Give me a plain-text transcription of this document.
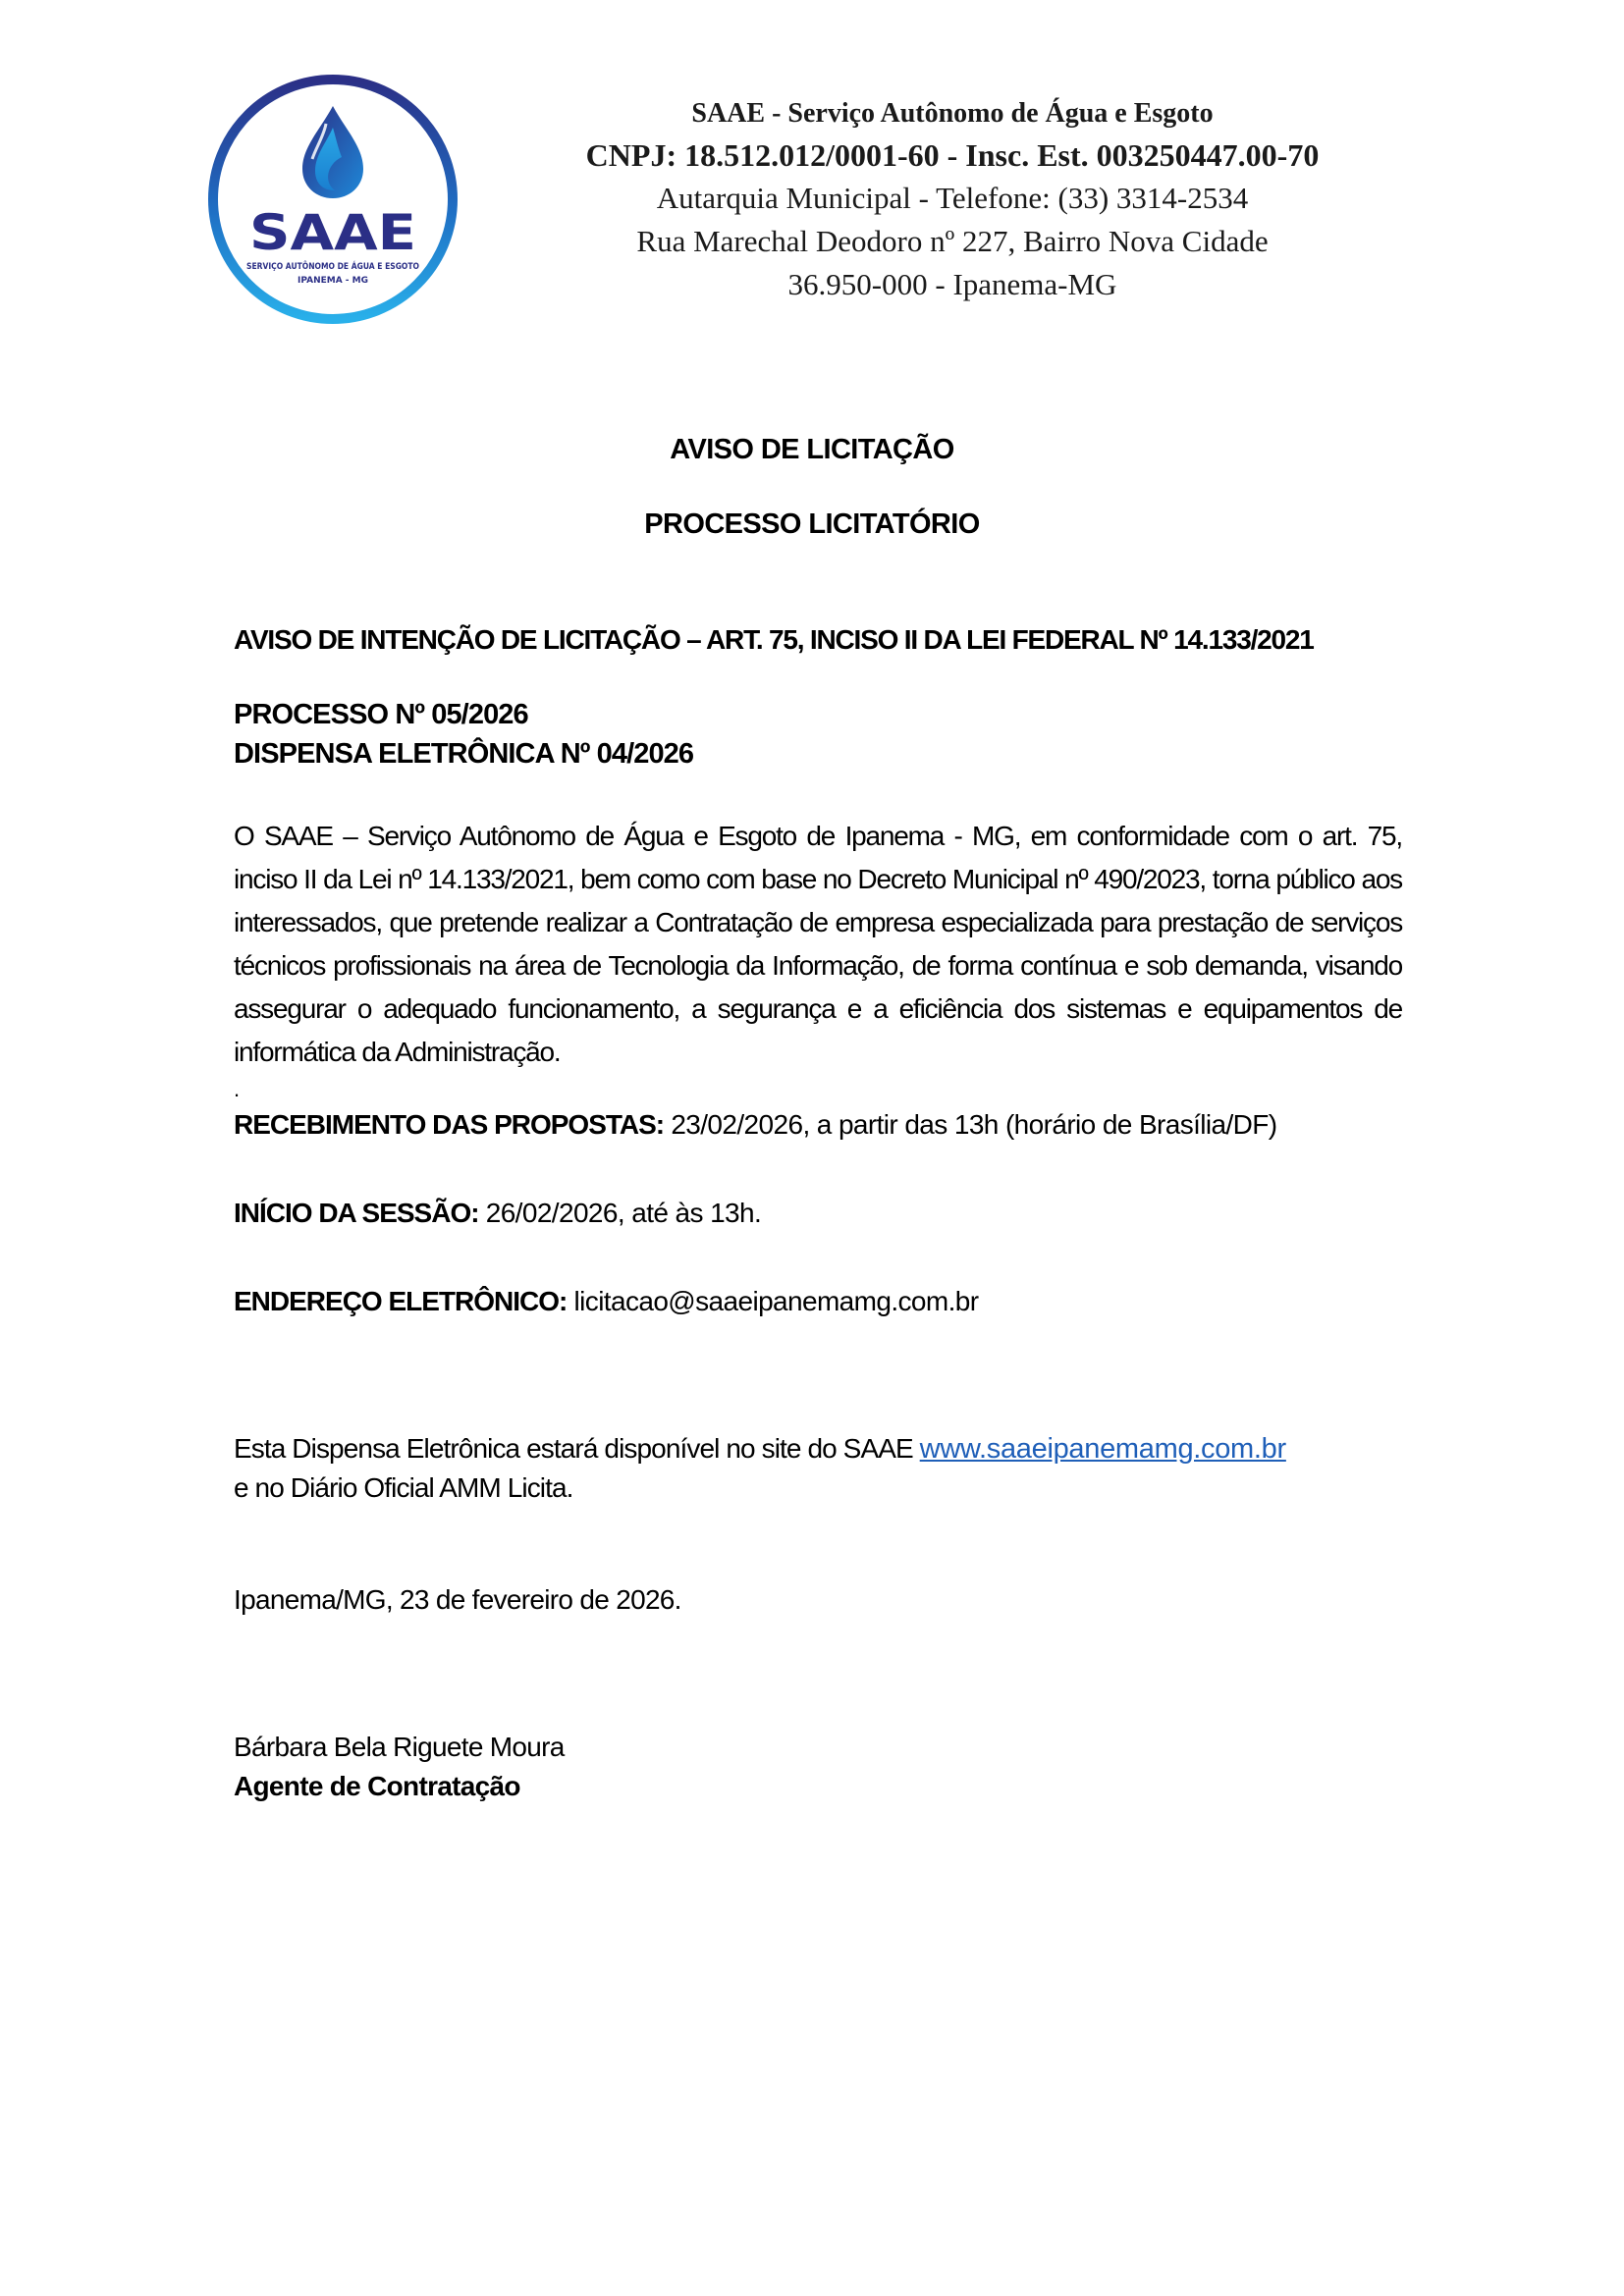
SAAE
SERVIÇO AUTÔNOMO DE ÁGUA E ESGOTO
IPANEMA - MG
SAAE - Serviço Autônomo de Água e Esgoto
CNPJ: 18.512.012/0001-60 - Insc. Est. 003250447.00-70
Autarquia Municipal - Telefone: (33) 3314-2534
Rua Marechal Deodoro nº 227, Bairro Nova Cidade
36.950-000 - Ipanema-MG
AVISO DE LICITAÇÃO
PROCESSO LICITATÓRIO
AVISO DE INTENÇÃO DE LICITAÇÃO – ART. 75, INCISO II DA LEI FEDERAL Nº 14.133/2021
PROCESSO Nº 05/2026
DISPENSA ELETRÔNICA Nº 04/2026
O SAAE – Serviço Autônomo de Água e Esgoto de Ipanema - MG, em conformidade com o art. 75, inciso II da Lei nº 14.133/2021, bem como com base no Decreto Municipal nº 490/2023, torna público aos interessados, que pretende realizar a Contratação de empresa especializada para prestação de serviços técnicos profissionais na área de Tecnologia da Informação, de forma contínua e sob demanda, visando assegurar o adequado funcionamento, a segurança e a eficiência dos sistemas e equipamentos de informática da Administração.
.
RECEBIMENTO DAS PROPOSTAS: 23/02/2026, a partir das 13h (horário de Brasília/DF)
INÍCIO DA SESSÃO: 26/02/2026, até às 13h.
ENDEREÇO ELETRÔNICO: licitacao@saaeipanemamg.com.br
Esta Dispensa Eletrônica estará disponível no site do SAAE www.saaeipanemamg.com.br
e no Diário Oficial AMM Licita.
Ipanema/MG, 23 de fevereiro de 2026.
Bárbara Bela Riguete Moura
Agente de Contratação
